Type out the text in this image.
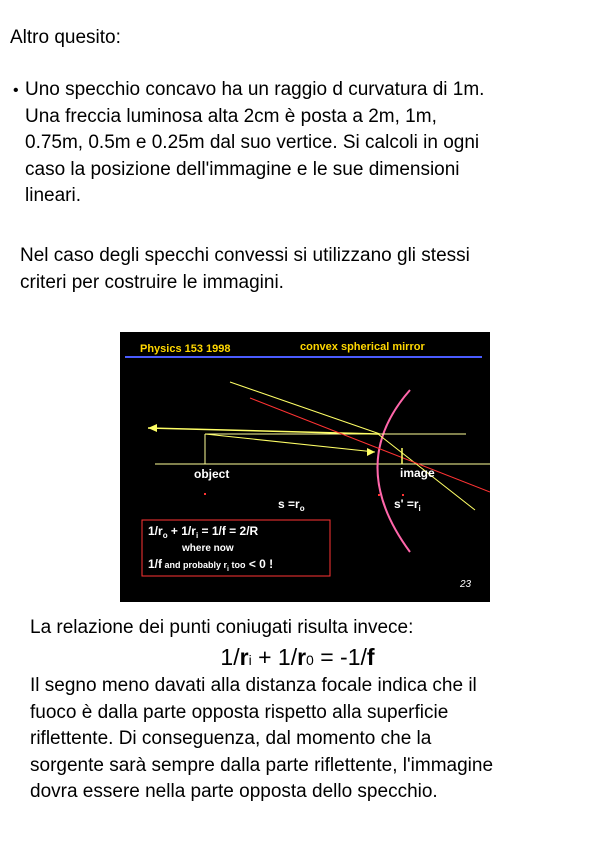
Altro quesito:
• Uno specchio concavo ha un raggio d curvatura di 1m.
Una freccia luminosa alta 2cm è posta a 2m, 1m,
0.75m, 0.5m e 0.25m dal suo vertice. Si calcoli in ogni
caso la posizione dell'immagine e le sue dimensioni
lineari.
Nel caso degli specchi convessi si utilizzano gli stessi
criteri per costruire le immagini.
Physics 153 1998	convex spherical mirror
object	image
$s =r_o$	$s' =r_i$
$1/r_o + 1/r_i = 1/f = 2/R$
where now
1/f and probably $r_i$ $^{too}$ < 0 !
23
La relazione dei punti coniugati risulta invece:
1/ri + 1/r0 = -1/f
Il segno meno davati alla distanza focale indica che il
fuoco è dalla parte opposta rispetto alla superficie
riflettente. Di conseguenza, dal momento che la
sorgente sarà sempre dalla parte riflettente, l'immagine
dovra essere nella parte opposta dello specchio.
